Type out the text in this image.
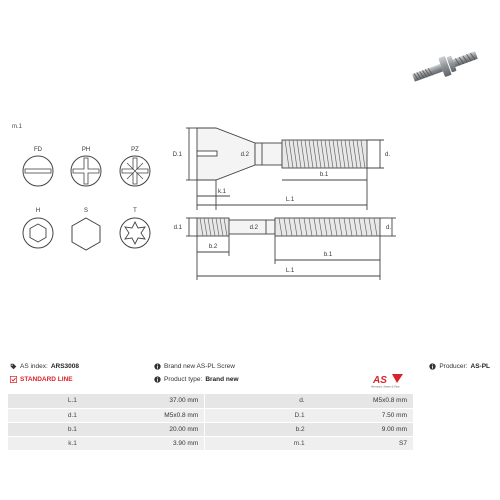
m.1
FD	PH	PZ
H	S	T
D.1	d.2	d.
b.1
k.1
L.1
d.1	d.2	d.
b.2
b.1
L.1
AS index: ARS3008	Brand new AS-PL Screw	Producer: AS-PL
STANDARD LINE	Product type: Brand new	AS
Alternators, Starters & Parts
L.1	37.00 mm	d.	M5x0.8 mm
d.1	M5x0.8 mm	D.1	7.50 mm
b.1	20.00 mm	b.2	9.00 mm
k.1	3.90 mm	m.1	S7
